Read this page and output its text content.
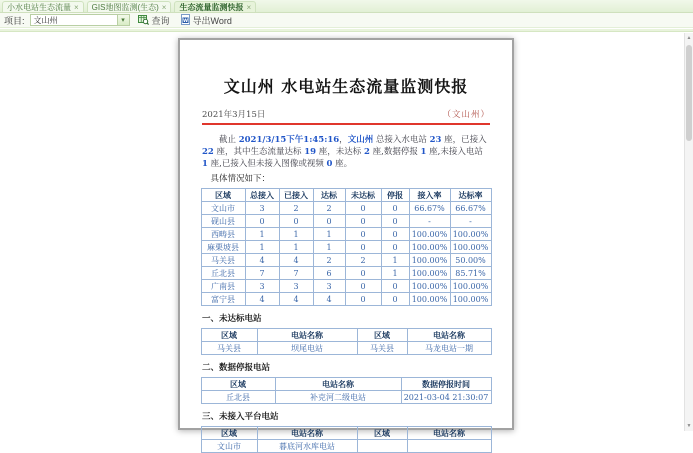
小水电站生态流量 × GIS地图监测(生态) × 生态流量监测快报 ×
项目:	文山州	▾	查询	W 导出Word
文山州 水电站生态流量监测快报
2021年3月15日	（文山州）

截止 2021/3/15下午1:45:16，文山州 总接入水电站 23 座，已接入 22 座，其中生态流量达标 19 座，未达标 2 座,数据停报 1 座,未接入电站 1 座,已接入但未接入图像或视频 0 座。

具体情况如下：

区域	总接入	已接入	达标	未达标	停报	接入率	达标率
文山市	3	2	2	0	0	66.67%	66.67%
砚山县	0	0	0	0	0	-	-
西畴县	1	1	1	0	0	100.00%	100.00%
麻栗坡县	1	1	1	0	0	100.00%	100.00%
马关县	4	4	2	2	1	100.00%	50.00%
丘北县	7	7	6	0	1	100.00%	85.71%
广南县	3	3	3	0	0	100.00%	100.00%
富宁县	4	4	4	0	0	100.00%	100.00%
一、未达标电站
区域	电站名称	区域	电站名称
马关县	坝尾电站	马关县	马龙电站一期
二、数据停报电站
区域	电站名称	数据停报时间
丘北县	补克河二级电站	2021-03-04 21:30:07
三、未接入平台电站
区域	电站名称	区域	电站名称
文山市	暮底河水库电站		
▲
▼
